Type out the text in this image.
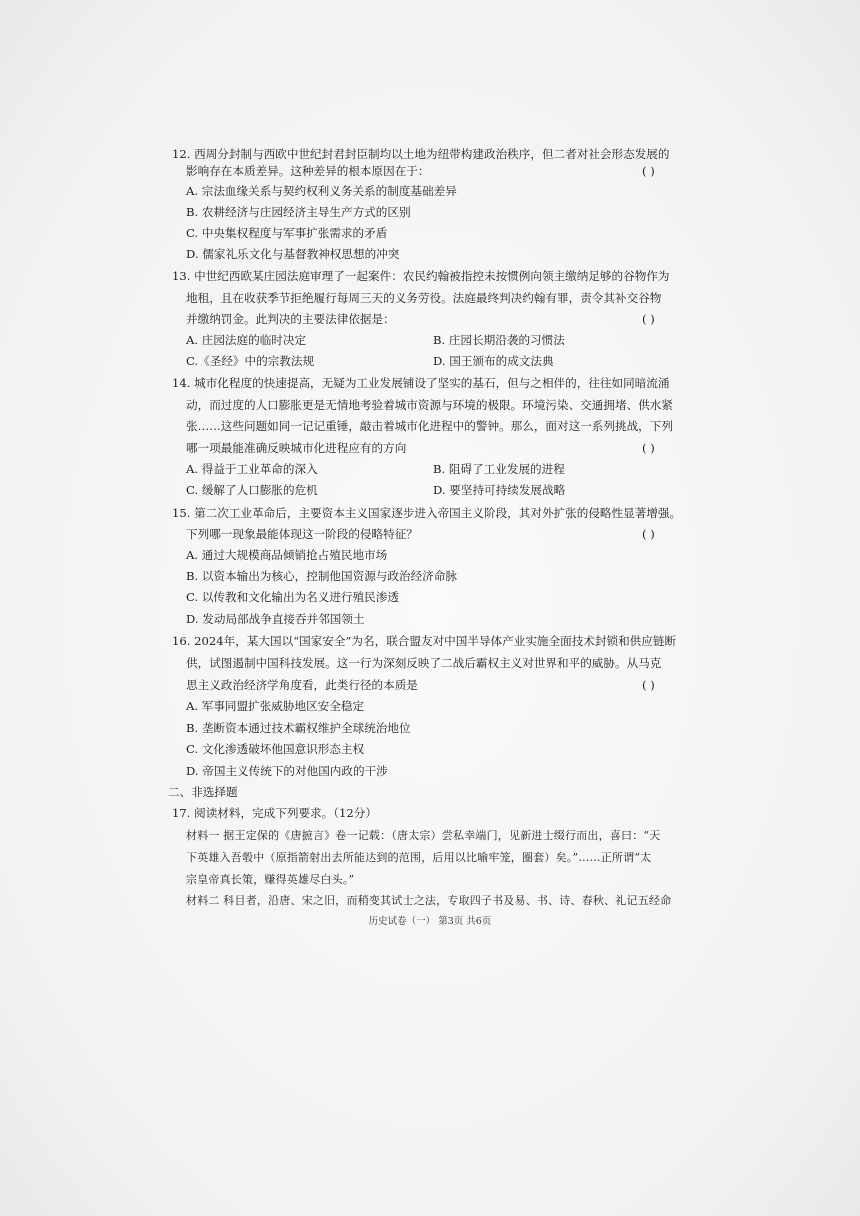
12. 西周分封制与西欧中世纪封君封臣制均以土地为纽带构建政治秩序，但二者对社会形态发展的
影响存在本质差异。这种差异的根本原因在于：	( )
A. 宗法血缘关系与契约权利义务关系的制度基础差异
B. 农耕经济与庄园经济主导生产方式的区别
C. 中央集权程度与军事扩张需求的矛盾
D. 儒家礼乐文化与基督教神权思想的冲突
13. 中世纪西欧某庄园法庭审理了一起案件：农民约翰被指控未按惯例向领主缴纳足够的谷物作为
地租，且在收获季节拒绝履行每周三天的义务劳役。法庭最终判决约翰有罪，责令其补交谷物
并缴纳罚金。此判决的主要法律依据是：	( )
A. 庄园法庭的临时决定	B. 庄园长期沿袭的习惯法
C.《圣经》中的宗教法规	D. 国王颁布的成文法典
14. 城市化程度的快速提高，无疑为工业发展铺设了坚实的基石，但与之相伴的，往往如同暗流涌
动，而过度的人口膨胀更是无情地考验着城市资源与环境的极限。环境污染、交通拥堵、供水紧
张……这些问题如同一记记重锤，敲击着城市化进程中的警钟。那么，面对这一系列挑战，下列
哪一项最能准确反映城市化进程应有的方向	( )
A. 得益于工业革命的深入	B. 阻碍了工业发展的进程
C. 缓解了人口膨胀的危机	D. 要坚持可持续发展战略
15. 第二次工业革命后，主要资本主义国家逐步进入帝国主义阶段，其对外扩张的侵略性显著增强。
下列哪一现象最能体现这一阶段的侵略特征？	( )
A. 通过大规模商品倾销抢占殖民地市场
B. 以资本输出为核心，控制他国资源与政治经济命脉
C. 以传教和文化输出为名义进行殖民渗透
D. 发动局部战争直接吞并邻国领土
16. 2024年，某大国以“国家安全”为名，联合盟友对中国半导体产业实施全面技术封锁和供应链断
供，试图遏制中国科技发展。这一行为深刻反映了二战后霸权主义对世界和平的威胁。从马克
思主义政治经济学角度看，此类行径的本质是	( )
A. 军事同盟扩张威胁地区安全稳定
B. 垄断资本通过技术霸权维护全球统治地位
C. 文化渗透破坏他国意识形态主权
D. 帝国主义传统下的对他国内政的干涉
二、非选择题
17. 阅读材料，完成下列要求。（12分）
材料一 据王定保的《唐摭言》卷一记载：（唐太宗）尝私幸端门，见新进士缀行而出，喜曰：“天
下英雄入吾彀中（原指箭射出去所能达到的范围，后用以比喻牢笼，圈套）矣。”……正所谓“太
宗皇帝真长策，赚得英雄尽白头。”
材料二 科目者，沿唐、宋之旧，而稍变其试士之法，专取四子书及易、书、诗、春秋、礼记五经命
历史试卷（一） 第3页 共6页
